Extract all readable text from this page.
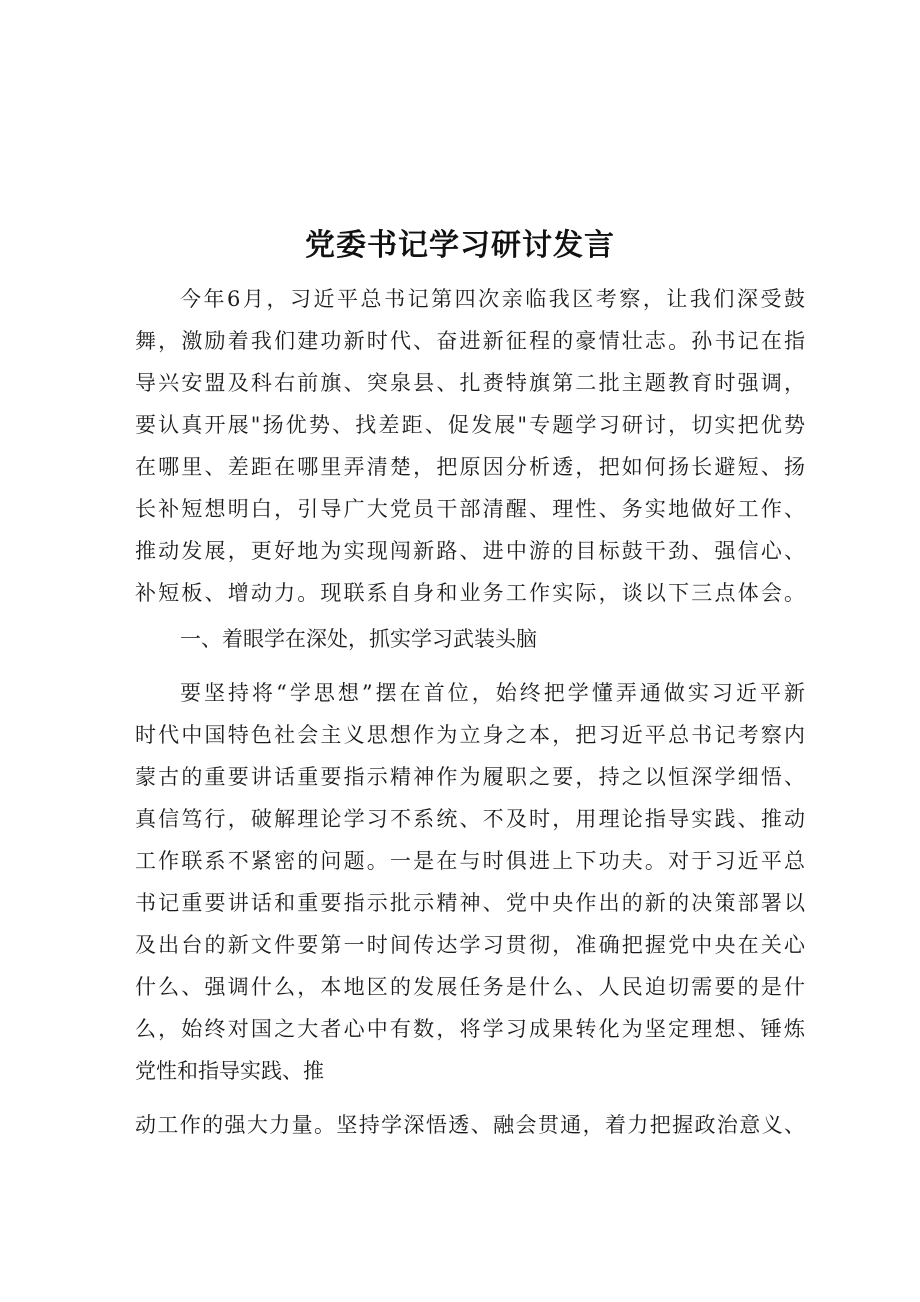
党委书记学习研讨发言
今年6月，习近平总书记第四次亲临我区考察，让我们深受鼓
舞，激励着我们建功新时代、奋进新征程的豪情壮志。孙书记在指
导兴安盟及科右前旗、突泉县、扎赉特旗第二批主题教育时强调，
要认真开展"扬优势、找差距、促发展"专题学习研讨，切实把优势
在哪里、差距在哪里弄清楚，把原因分析透，把如何扬长避短、扬
长补短想明白，引导广大党员干部清醒、理性、务实地做好工作、
推动发展，更好地为实现闯新路、进中游的目标鼓干劲、强信心、
补短板、增动力。现联系自身和业务工作实际，谈以下三点体会。
一、着眼学在深处，抓实学习武装头脑
要坚持将“学思想”摆在首位，始终把学懂弄通做实习近平新
时代中国特色社会主义思想作为立身之本，把习近平总书记考察内
蒙古的重要讲话重要指示精神作为履职之要，持之以恒深学细悟、
真信笃行，破解理论学习不系统、不及时，用理论指导实践、推动
工作联系不紧密的问题。一是在与时俱进上下功夫。对于习近平总
书记重要讲话和重要指示批示精神、党中央作出的新的决策部署以
及出台的新文件要第一时间传达学习贯彻，准确把握党中央在关心
什么、强调什么，本地区的发展任务是什么、人民迫切需要的是什
么，始终对国之大者心中有数，将学习成果转化为坚定理想、锤炼
党性和指导实践、推
动工作的强大力量。坚持学深悟透、融会贯通，着力把握政治意义、
